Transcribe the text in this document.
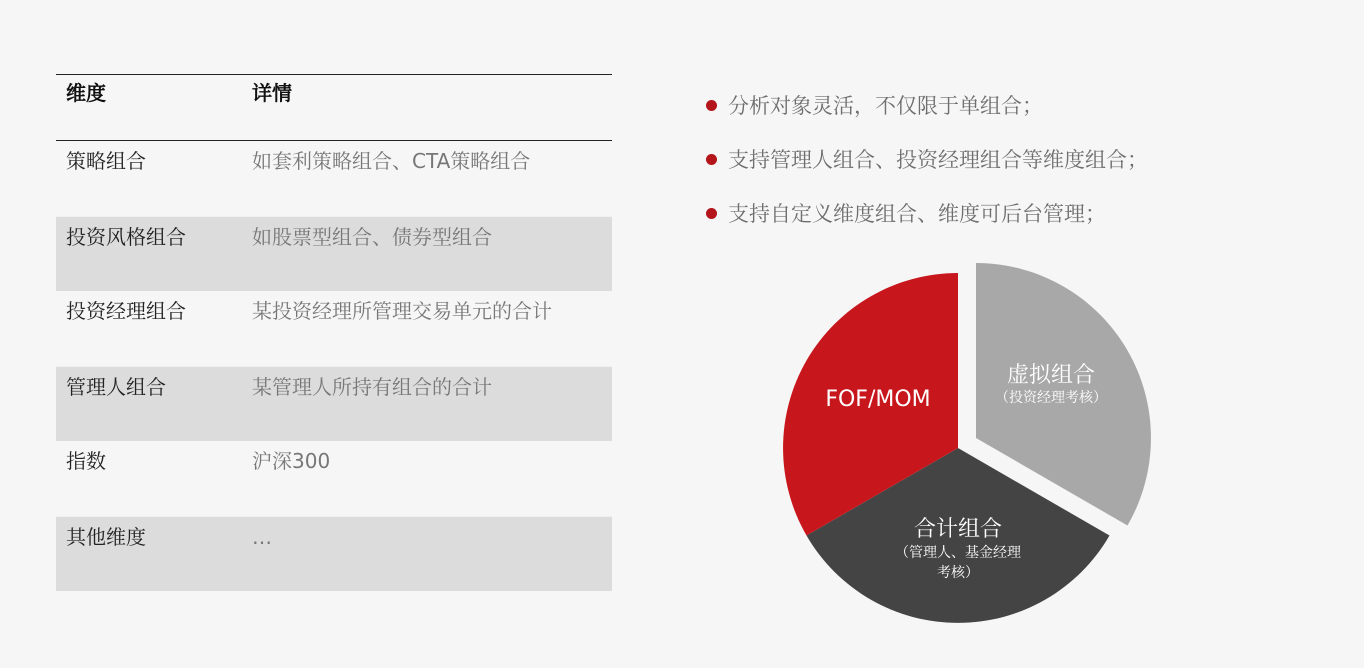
维度	详情
策略组合	如套利策略组合、CTA策略组合
投资风格组合	如股票型组合、债券型组合
投资经理组合	某投资经理所管理交易单元的合计
管理人组合	某管理人所持有组合的合计
指数	沪深300
其他维度	…
分析对象灵活，不仅限于单组合；
支持管理人组合、投资经理组合等维度组合；
支持自定义维度组合、维度可后台管理；
虚拟组合
（投资经理考核）
合计组合
（管理人、基金经理
考核）
FOF/MOM
